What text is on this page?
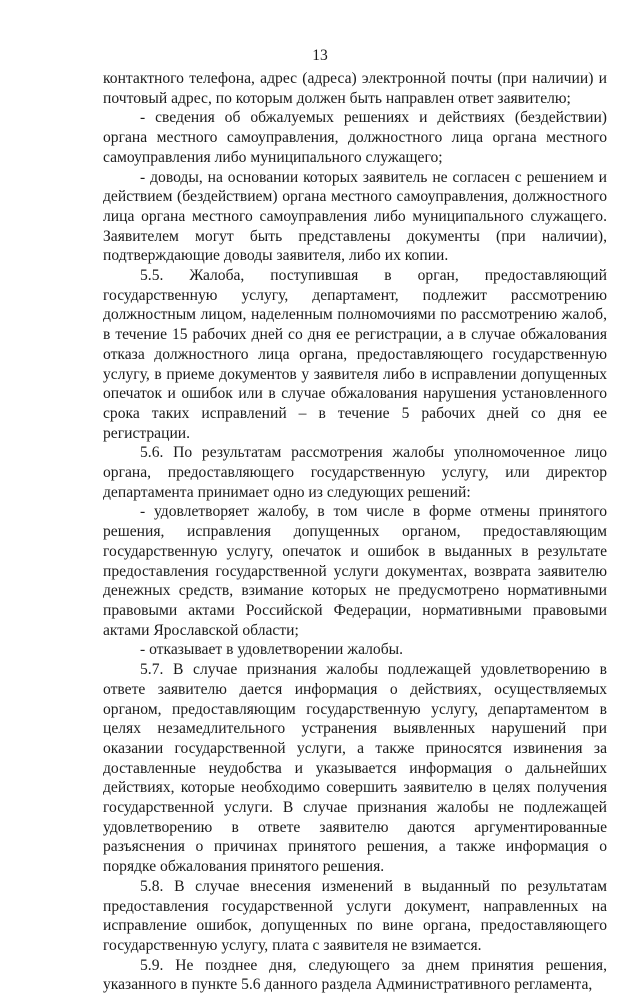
13

контактного телефона, адрес (адреса) электронной почты (при наличии) и почтовый адрес, по которым должен быть направлен ответ заявителю;

- сведения об обжалуемых решениях и действиях (бездействии) органа местного самоуправления, должностного лица органа местного самоуправления либо муниципального служащего;

- доводы, на основании которых заявитель не согласен с решением и действием (бездействием) органа местного самоуправления, должностного лица органа местного самоуправления либо муниципального служащего. Заявителем могут быть представлены документы (при наличии), подтверждающие доводы заявителя, либо их копии.

5.5. Жалоба, поступившая в орган, предоставляющий государственную услугу, департамент, подлежит рассмотрению должностным лицом, наделенным полномочиями по рассмотрению жалоб, в течение 15 рабочих дней со дня ее регистрации, а в случае обжалования отказа должностного лица органа, предоставляющего государственную услугу, в приеме документов у заявителя либо в исправлении допущенных опечаток и ошибок или в случае обжалования нарушения установленного срока таких исправлений – в течение 5 рабочих дней со дня ее регистрации.

5.6. По результатам рассмотрения жалобы уполномоченное лицо органа, предоставляющего государственную услугу, или директор департамента принимает одно из следующих решений:

- удовлетворяет жалобу, в том числе в форме отмены принятого решения, исправления допущенных органом, предоставляющим государственную услугу, опечаток и ошибок в выданных в результате предоставления государственной услуги документах, возврата заявителю денежных средств, взимание которых не предусмотрено нормативными правовыми актами Российской Федерации, нормативными правовыми актами Ярославской области;

- отказывает в удовлетворении жалобы.

5.7. В случае признания жалобы подлежащей удовлетворению в ответе заявителю дается информация о действиях, осуществляемых органом, предоставляющим государственную услугу, департаментом в целях незамедлительного устранения выявленных нарушений при оказании государственной услуги, а также приносятся извинения за доставленные неудобства и указывается информация о дальнейших действиях, которые необходимо совершить заявителю в целях получения государственной услуги. В случае признания жалобы не подлежащей удовлетворению в ответе заявителю даются аргументированные разъяснения о причинах принятого решения, а также информация о порядке обжалования принятого решения.

5.8. В случае внесения изменений в выданный по результатам предоставления государственной услуги документ, направленных на исправление ошибок, допущенных по вине органа, предоставляющего государственную услугу, плата с заявителя не взимается.

5.9. Не позднее дня, следующего за днем принятия решения, указанного в пункте 5.6 данного раздела Административного регламента,
